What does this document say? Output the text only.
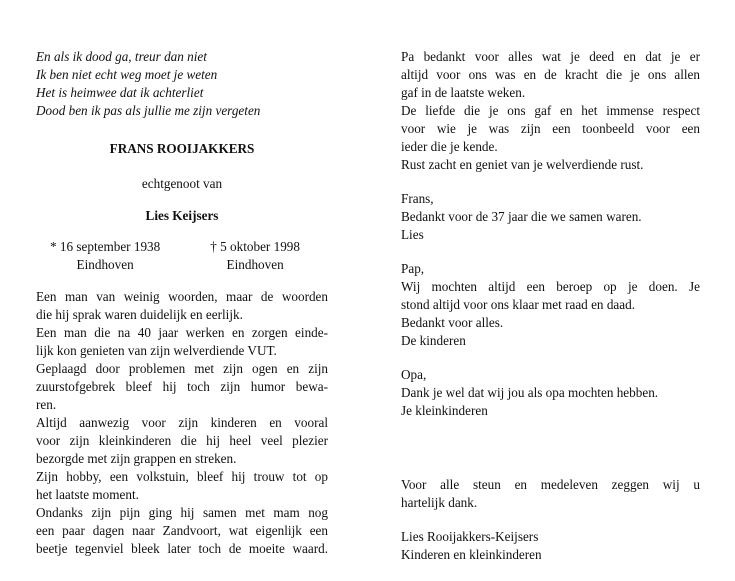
En als ik dood ga, treur dan niet
Ik ben niet echt weg moet je weten
Het is heimwee dat ik achterliet
Dood ben ik pas als jullie me zijn vergeten
FRANS ROOIJAKKERS
echtgenoot van
Lies Keijsers
* 16 september 1938
Eindhoven
† 5 oktober 1998
Eindhoven
Een man van weinig woorden, maar de woorden
die hij sprak waren duidelijk en eerlijk.
Een man die na 40 jaar werken en zorgen einde-
lijk kon genieten van zijn welverdiende VUT.
Geplaagd door problemen met zijn ogen en zijn
zuurstofgebrek bleef hij toch zijn humor bewa-
ren.
Altijd aanwezig voor zijn kinderen en vooral
voor zijn kleinkinderen die hij heel veel plezier
bezorgde met zijn grappen en streken.
Zijn hobby, een volkstuin, bleef hij trouw tot op
het laatste moment.
Ondanks zijn pijn ging hij samen met mam nog
een paar dagen naar Zandvoort, wat eigenlijk een
beetje tegenviel bleek later toch de moeite waard.
Pa bedankt voor alles wat je deed en dat je er
altijd voor ons was en de kracht die je ons allen
gaf in de laatste weken.
De liefde die je ons gaf en het immense respect
voor wie je was zijn een toonbeeld voor een
ieder die je kende.
Rust zacht en geniet van je welverdiende rust.
Frans,
Bedankt voor de 37 jaar die we samen waren.
Lies
Pap,
Wij mochten altijd een beroep op je doen. Je
stond altijd voor ons klaar met raad en daad.
Bedankt voor alles.
De kinderen
Opa,
Dank je wel dat wij jou als opa mochten hebben.
Je kleinkinderen
Voor alle steun en medeleven zeggen wij u
hartelijk dank.
Lies Rooijakkers-Keijsers
Kinderen en kleinkinderen
